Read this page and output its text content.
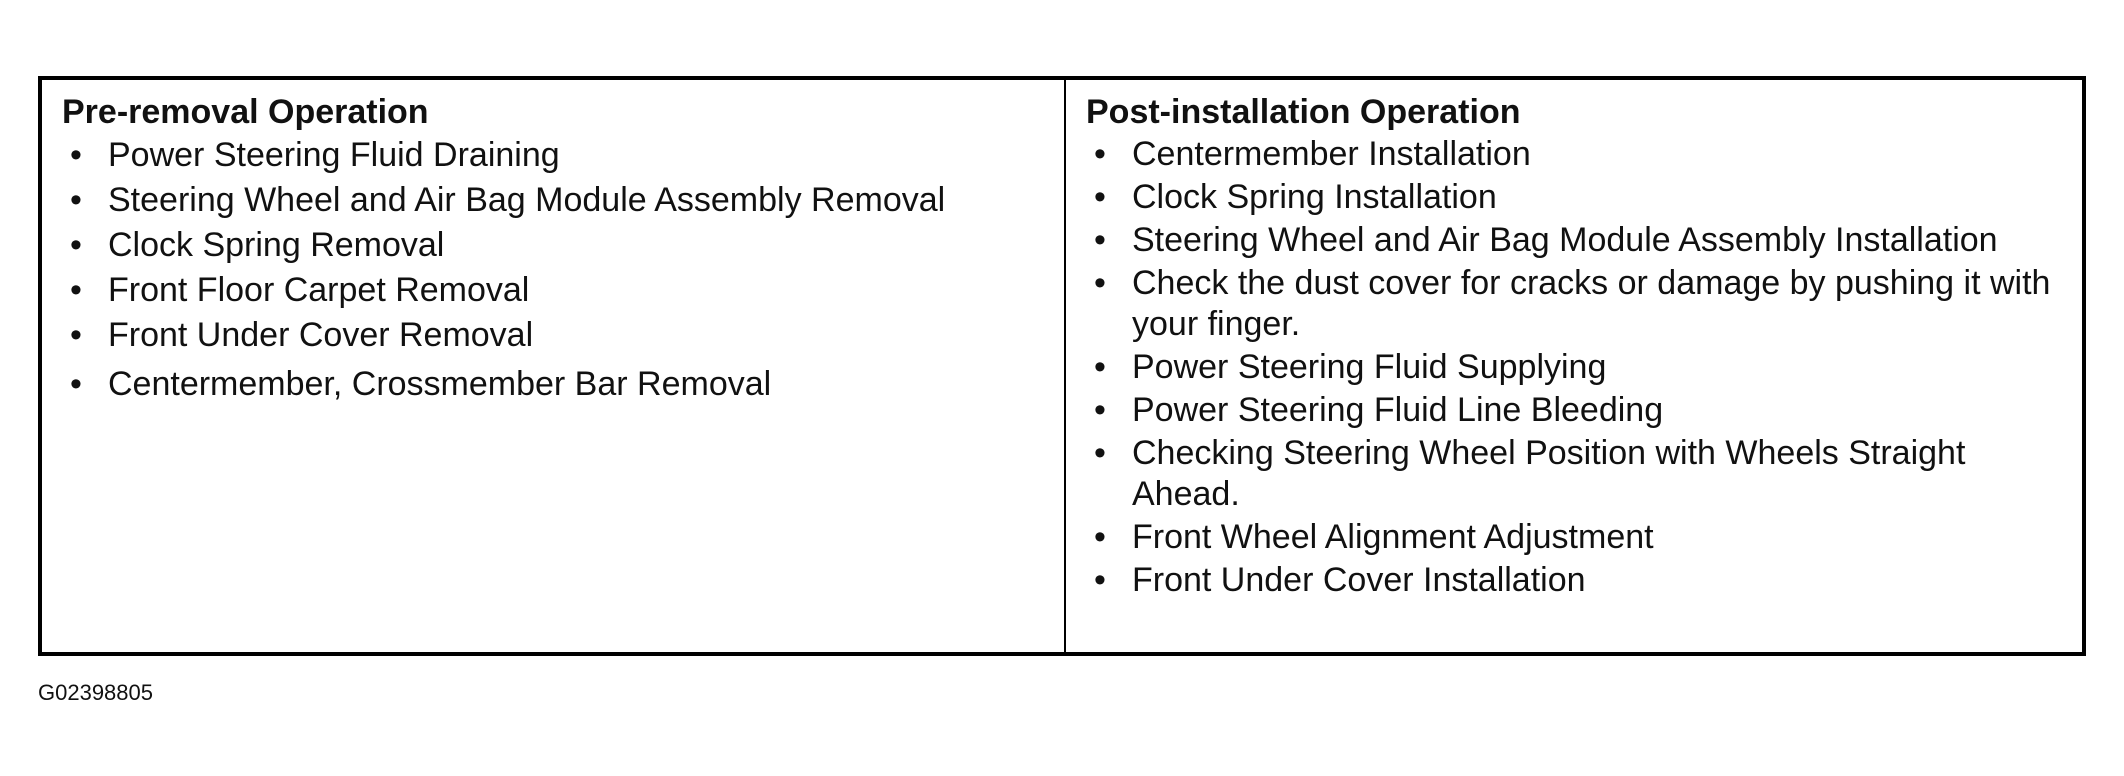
Pre-removal Operation

• Power Steering Fluid Draining
• Steering Wheel and Air Bag Module Assembly Removal
• Clock Spring Removal
• Front Floor Carpet Removal
• Front Under Cover Removal
• Centermember, Crossmember Bar Removal

Post-installation Operation

• Centermember Installation
• Clock Spring Installation
• Steering Wheel and Air Bag Module Assembly Installation
• Check the dust cover for cracks or damage by pushing it with your finger.
• Power Steering Fluid Supplying
• Power Steering Fluid Line Bleeding
• Checking Steering Wheel Position with Wheels Straight Ahead.
• Front Wheel Alignment Adjustment
• Front Under Cover Installation
G02398805
